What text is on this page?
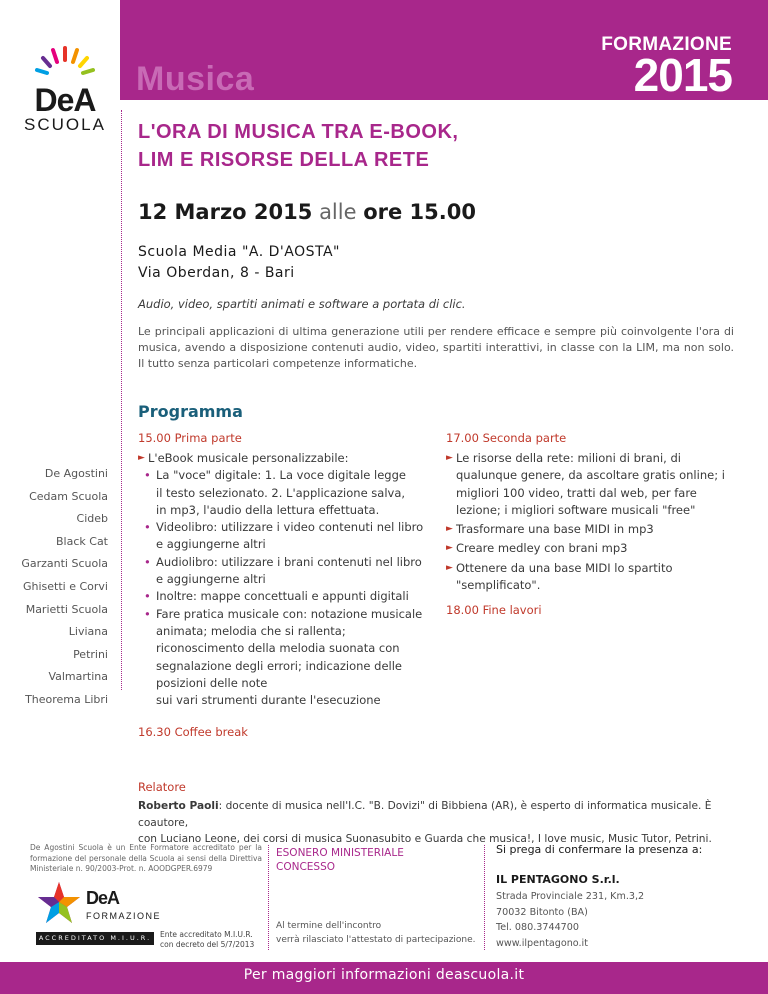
Musica
FORMAZIONE
2015
DeA
SCUOLA L'ORA DI MUSICA TRA E-BOOK,
LIM E RISORSE DELLA RETE
12 Marzo 2015 alle ore 15.00
Scuola Media "A. D'AOSTA"
Via Oberdan, 8 - Bari
Audio, video, spartiti animati e software a portata di clic.
Le principali applicazioni di ultima generazione utili per rendere efficace e sempre più coinvolgente l'ora di musica, avendo a disposizione contenuti audio, video, spartiti interattivi, in classe con la LIM, ma non solo. Il tutto senza particolari competenze informatiche.
Programma
15.00 Prima parte
► L'eBook musicale personalizzabile:
• La "voce" digitale: 1. La voce digitale legge
il testo selezionato. 2. L'applicazione salva,
in mp3, l'audio della lettura effettuata.
• Videolibro: utilizzare i video contenuti nel libro
e aggiungerne altri
• Audiolibro: utilizzare i brani contenuti nel libro
e aggiungerne altri
• Inoltre: mappe concettuali e appunti digitali
• Fare pratica musicale con: notazione musicale
animata; melodia che si rallenta;
riconoscimento della melodia suonata con
segnalazione degli errori; indicazione delle
posizioni delle note
sui vari strumenti durante l'esecuzione
16.30 Coffee break
17.00 Seconda parte
► Le risorse della rete: milioni di brani, di
qualunque genere, da ascoltare gratis online; i
migliori 100 video, tratti dal web, per fare
lezione; i migliori software musicali "free"
► Trasformare una base MIDI in mp3
► Creare medley con brani mp3
► Ottenere da una base MIDI lo spartito
"semplificato".
18.00 Fine lavori
De Agostini
Cedam Scuola
Cideb
Black Cat
Garzanti Scuola
Ghisetti e Corvi
Marietti Scuola
Liviana
Petrini
Valmartina
Theorema Libri
Relatore
Roberto Paoli: docente di musica nell'I.C. "B. Dovizi" di Bibbiena (AR), è esperto di informatica musicale. È coautore,
con Luciano Leone, dei corsi di musica Suonasubito e Guarda che musica!, I love music, Music Tutor, Petrini.
De Agostini Scuola è un Ente Formatore accreditato per la formazione del personale della Scuola ai sensi della Direttiva Ministeriale n. 90/2003-Prot. n. AOODGPER.6979
DeA
FORMAZIONE
ACCREDITATO M.I.U.R.	Ente accreditato M.I.U.R.
con decreto del 5/7/2013
ESONERO MINISTERIALE
CONCESSO
Al termine dell'incontro
verrà rilasciato l'attestato di partecipazione.
Si prega di confermare la presenza a:
IL PENTAGONO S.r.l.
Strada Provinciale 231, Km.3,2
70032 Bitonto (BA)
Tel. 080.3744700
www.ilpentagono.it
Per maggiori informazioni deascuola.it
